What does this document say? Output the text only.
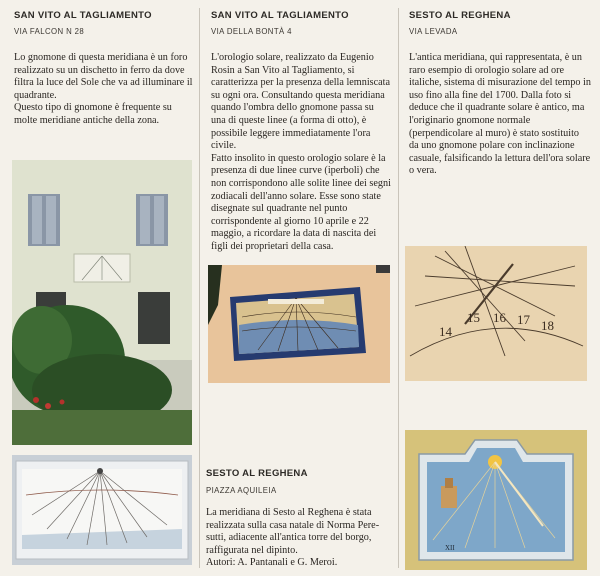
SAN VITO AL TAGLIAMENTO
VIA FALCON N 28

Lo gnomone di questa meridiana è un foro realizzato su un dischetto in ferro da dove filtra la luce del Sole che va ad illuminare il quadrante.

Questo tipo di gnomone è frequente su molte meridiane antiche della zona.

SAN VITO AL TAGLIAMENTO
VIA DELLA BONTÀ 4

L'orologio solare, realizzato da Eugenio Rosin a San Vito al Tagliamento, si caratterizza per la presenza della lemniscata su ogni ora. Consultando questa meridiana quando l'ombra dello gnomone passa su una di queste linee (a forma di otto), è possibile leggere immediatamente l'ora civile.

Fatto insolito in questo orologio solare è la presenza di due linee curve (iperboli) che non corrispondono alle solite linee dei segni zodiacali dell'anno solare. Esse sono state disegnate sul quadrante nel punto corrispondente al giorno 10 aprile e 22 maggio, a ricordare la data di nascita dei figli dei proprietari della casa.

SESTO AL REGHENA
VIA LEVADA

L'antica meridiana, qui rappresentata, è un raro esempio di orologio solare ad ore italiche, sistema di misurazione del tempo in uso fino alla fine del 1700. Dalla foto si deduce che il quadrante solare è antico, ma l'originario gnomone normale (perpendicolare al muro) è stato sostituito da uno gnomone polare con inclinazione casuale, falsificando la lettura dell'ora solare o vera.

14
15 16 17 18
XII
SESTO AL REGHENA
PIAZZA AQUILEIA

La meridiana di Sesto al Reghena è stata realizzata sulla casa natale di Norma Peresutti, adiacente all'antica torre del borgo, raffigurata nel dipinto.

Autori: A. Pantanali e G. Meroi.
